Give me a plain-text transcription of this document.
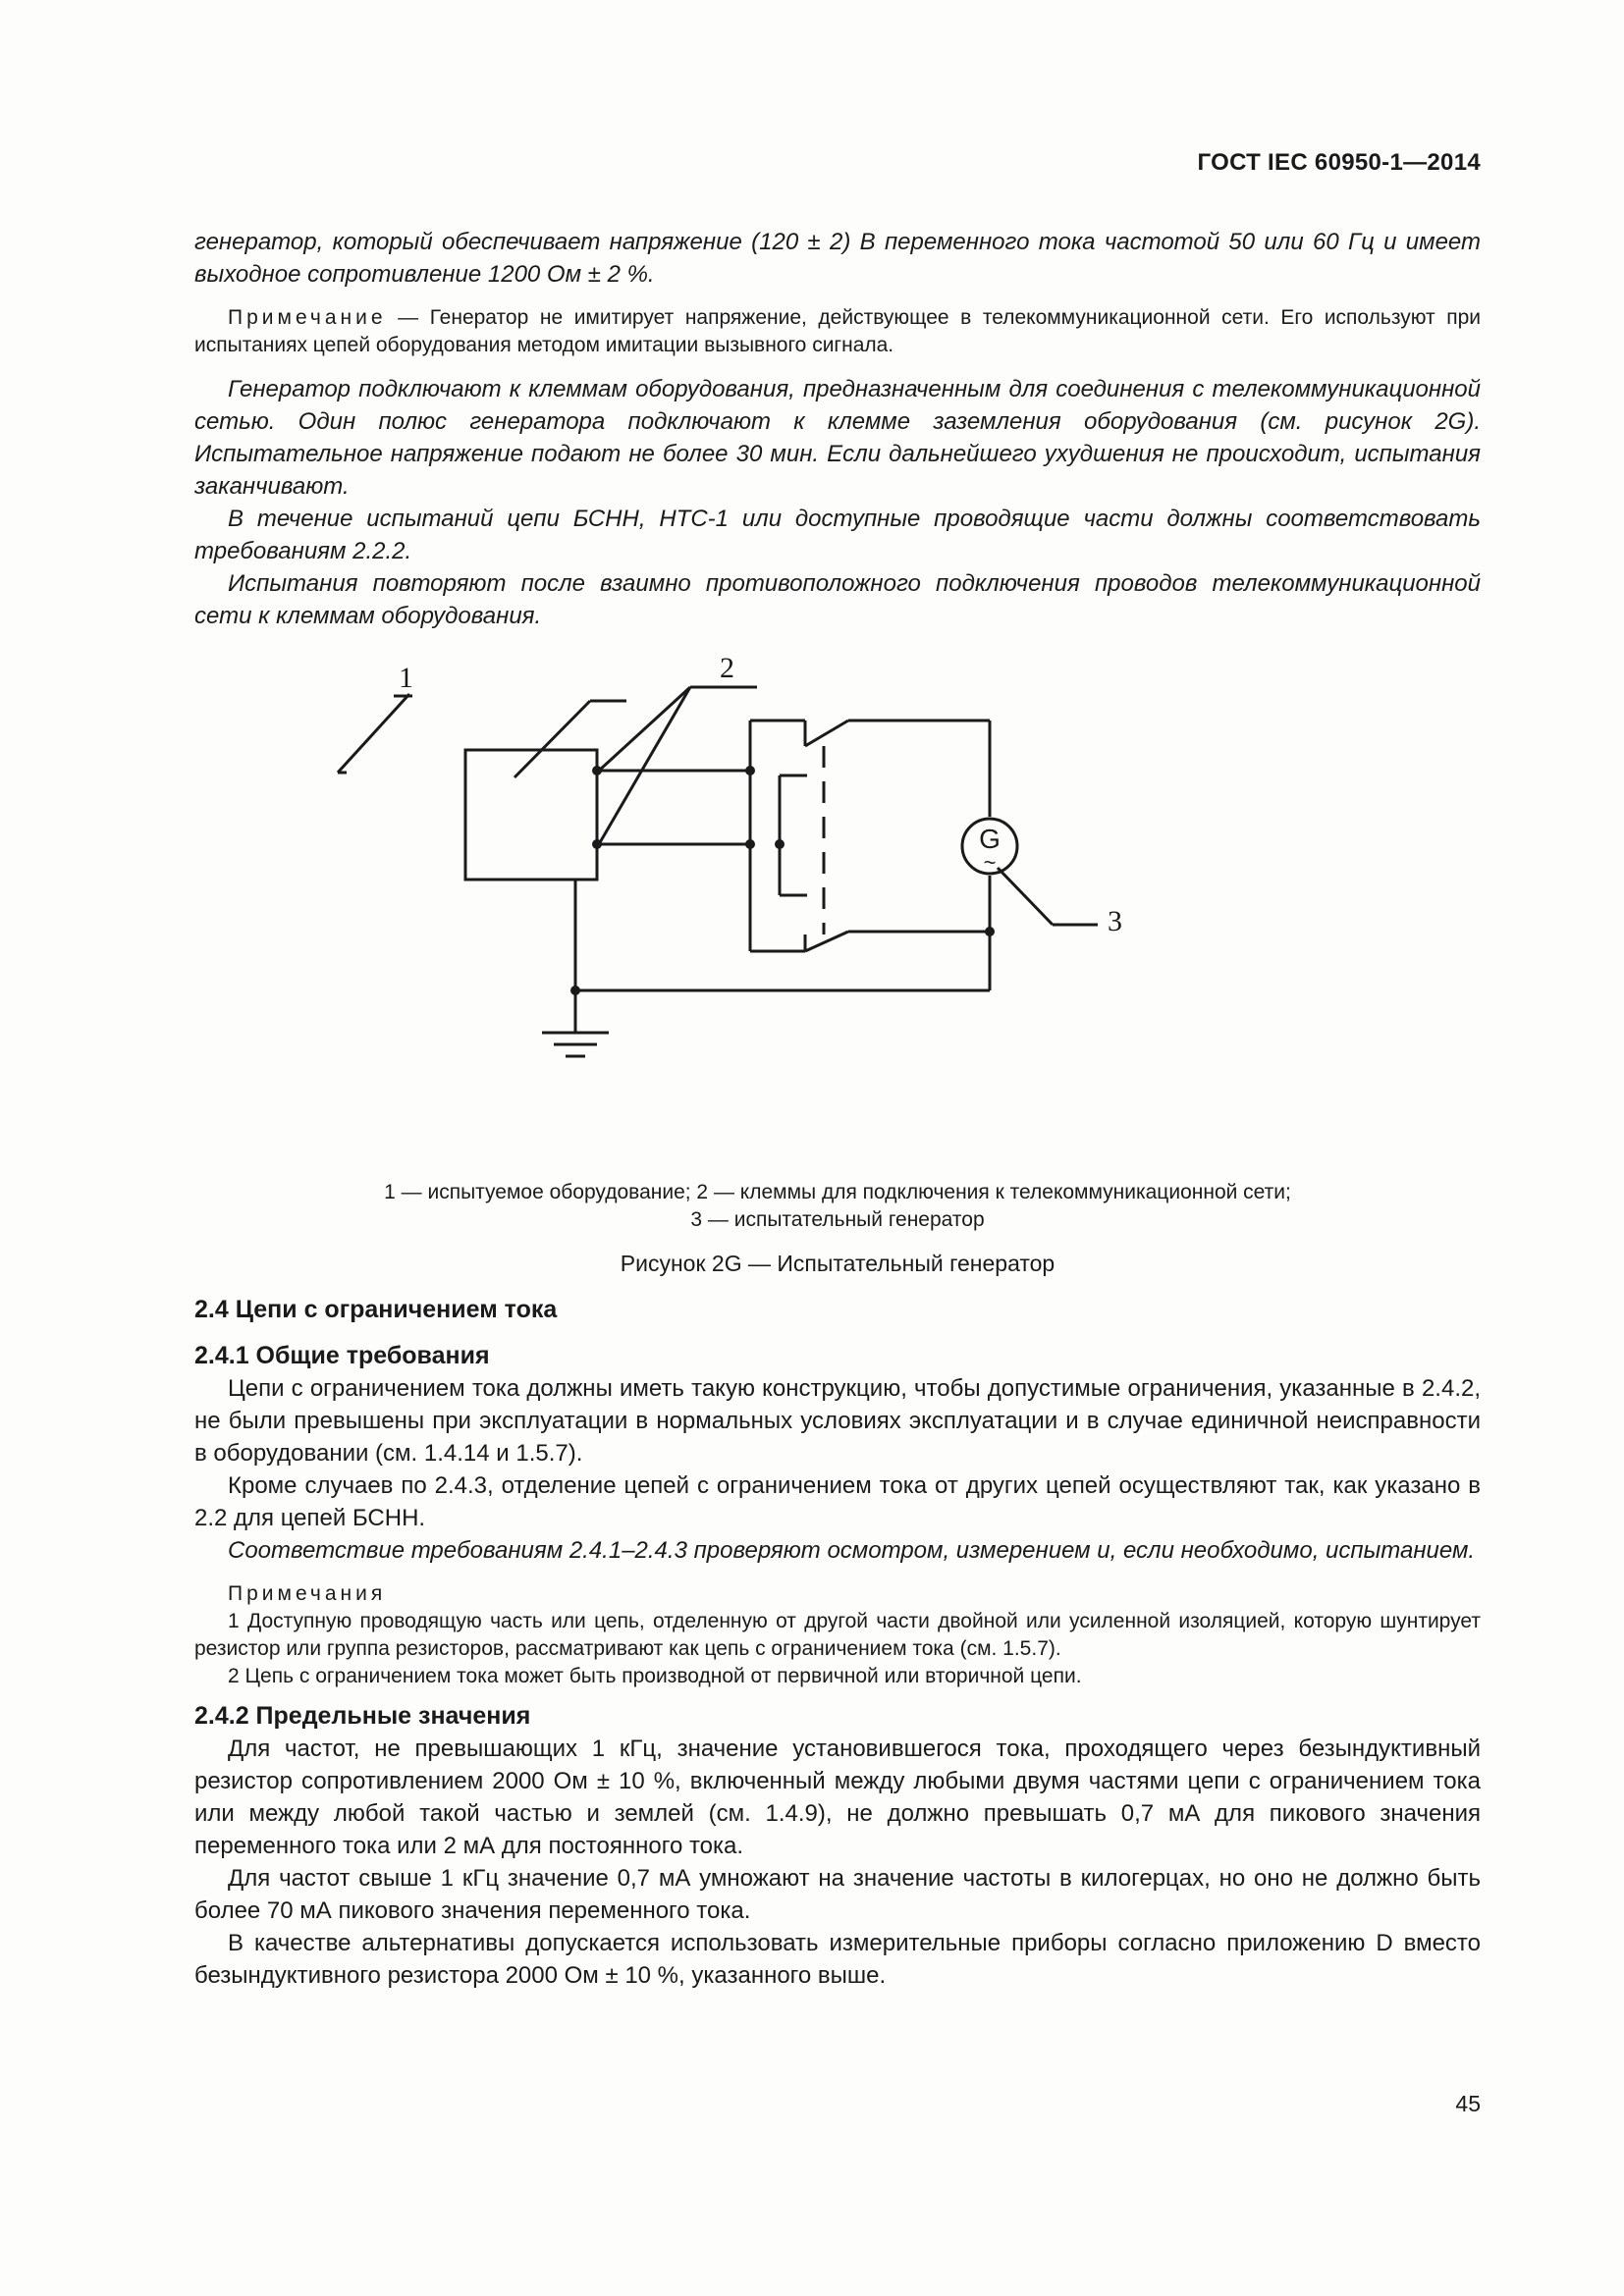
ГОСТ IEC 60950-1—2014

генератор, который обеспечивает напряжение (120 ± 2) В переменного тока частотой 50 или 60 Гц и имеет выходное сопротивление 1200 Ом ± 2 %.

Примечание — Генератор не имитирует напряжение, действующее в телекоммуникационной сети. Его используют при испытаниях цепей оборудования методом имитации вызывного сигнала.

Генератор подключают к клеммам оборудования, предназначенным для соединения с телекоммуникационной сетью. Один полюс генератора подключают к клемме заземления оборудования (см. рисунок 2G). Испытательное напряжение подают не более 30 мин. Если дальнейшего ухудшения не происходит, испытания заканчивают.

В течение испытаний цепи БСНН, НТС-1 или доступные проводящие части должны соответствовать требованиям 2.2.2.

Испытания повторяют после взаимно противоположного подключения проводов телекоммуникационной сети к клеммам оборудования.

1	2
3
G
~
1 — испытуемое оборудование; 2 — клеммы для подключения к телекоммуникационной сети;
3 — испытательный генератор
Рисунок 2G — Испытательный генератор

2.4 Цепи с ограничением тока

2.4.1 Общие требования

Цепи с ограничением тока должны иметь такую конструкцию, чтобы допустимые ограничения, указанные в 2.4.2, не были превышены при эксплуатации в нормальных условиях эксплуатации и в случае единичной неисправности в оборудовании (см. 1.4.14 и 1.5.7).

Кроме случаев по 2.4.3, отделение цепей с ограничением тока от других цепей осуществляют так, как указано в 2.2 для цепей БСНН.

Соответствие требованиям 2.4.1–2.4.3 проверяют осмотром, измерением и, если необходимо, испытанием.

Примечания

1 Доступную проводящую часть или цепь, отделенную от другой части двойной или усиленной изоляцией, которую шунтирует резистор или группа резисторов, рассматривают как цепь с ограничением тока (см. 1.5.7).

2 Цепь с ограничением тока может быть производной от первичной или вторичной цепи.

2.4.2 Предельные значения

Для частот, не превышающих 1 кГц, значение установившегося тока, проходящего через безындуктивный резистор сопротивлением 2000 Ом ± 10 %, включенный между любыми двумя частями цепи с ограничением тока или между любой такой частью и землей (см. 1.4.9), не должно превышать 0,7 мА для пикового значения переменного тока или 2 мА для постоянного тока.

Для частот свыше 1 кГц значение 0,7 мА умножают на значение частоты в килогерцах, но оно не должно быть более 70 мА пикового значения переменного тока.

В качестве альтернативы допускается использовать измерительные приборы согласно приложению D вместо безындуктивного резистора 2000 Ом ± 10 %, указанного выше.

45
